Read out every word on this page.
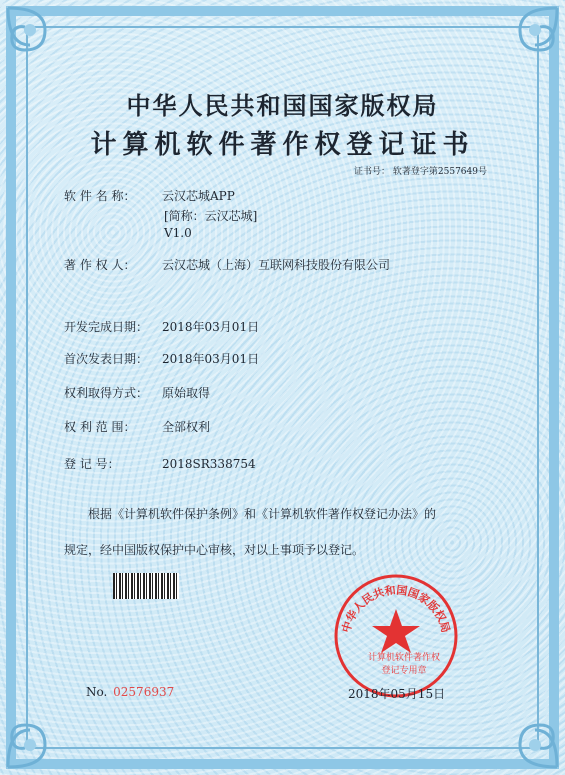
中华人民共和国国家版权局
计算机软件著作权登记证书
证书号： 软著登字第2557649号
软 件 名 称： 云汉芯城APP
[简称：云汉芯城]
V1.0
著 作 权 人： 云汉芯城（上海）互联网科技股份有限公司
开发完成日期： 2018年03月01日
首次发表日期： 2018年03月01日
权利取得方式： 原始取得
权 利 范 围： 全部权利
登 记 号：	2018SR338754
根据《计算机软件保护条例》和《计算机软件著作权登记办法》的
规定，经中国版权保护中心审核，对以上事项予以登记。
中华人民共和国国家版权局
计算机软件著作权
登记专用章
No. 02576937	2018年05月15日
